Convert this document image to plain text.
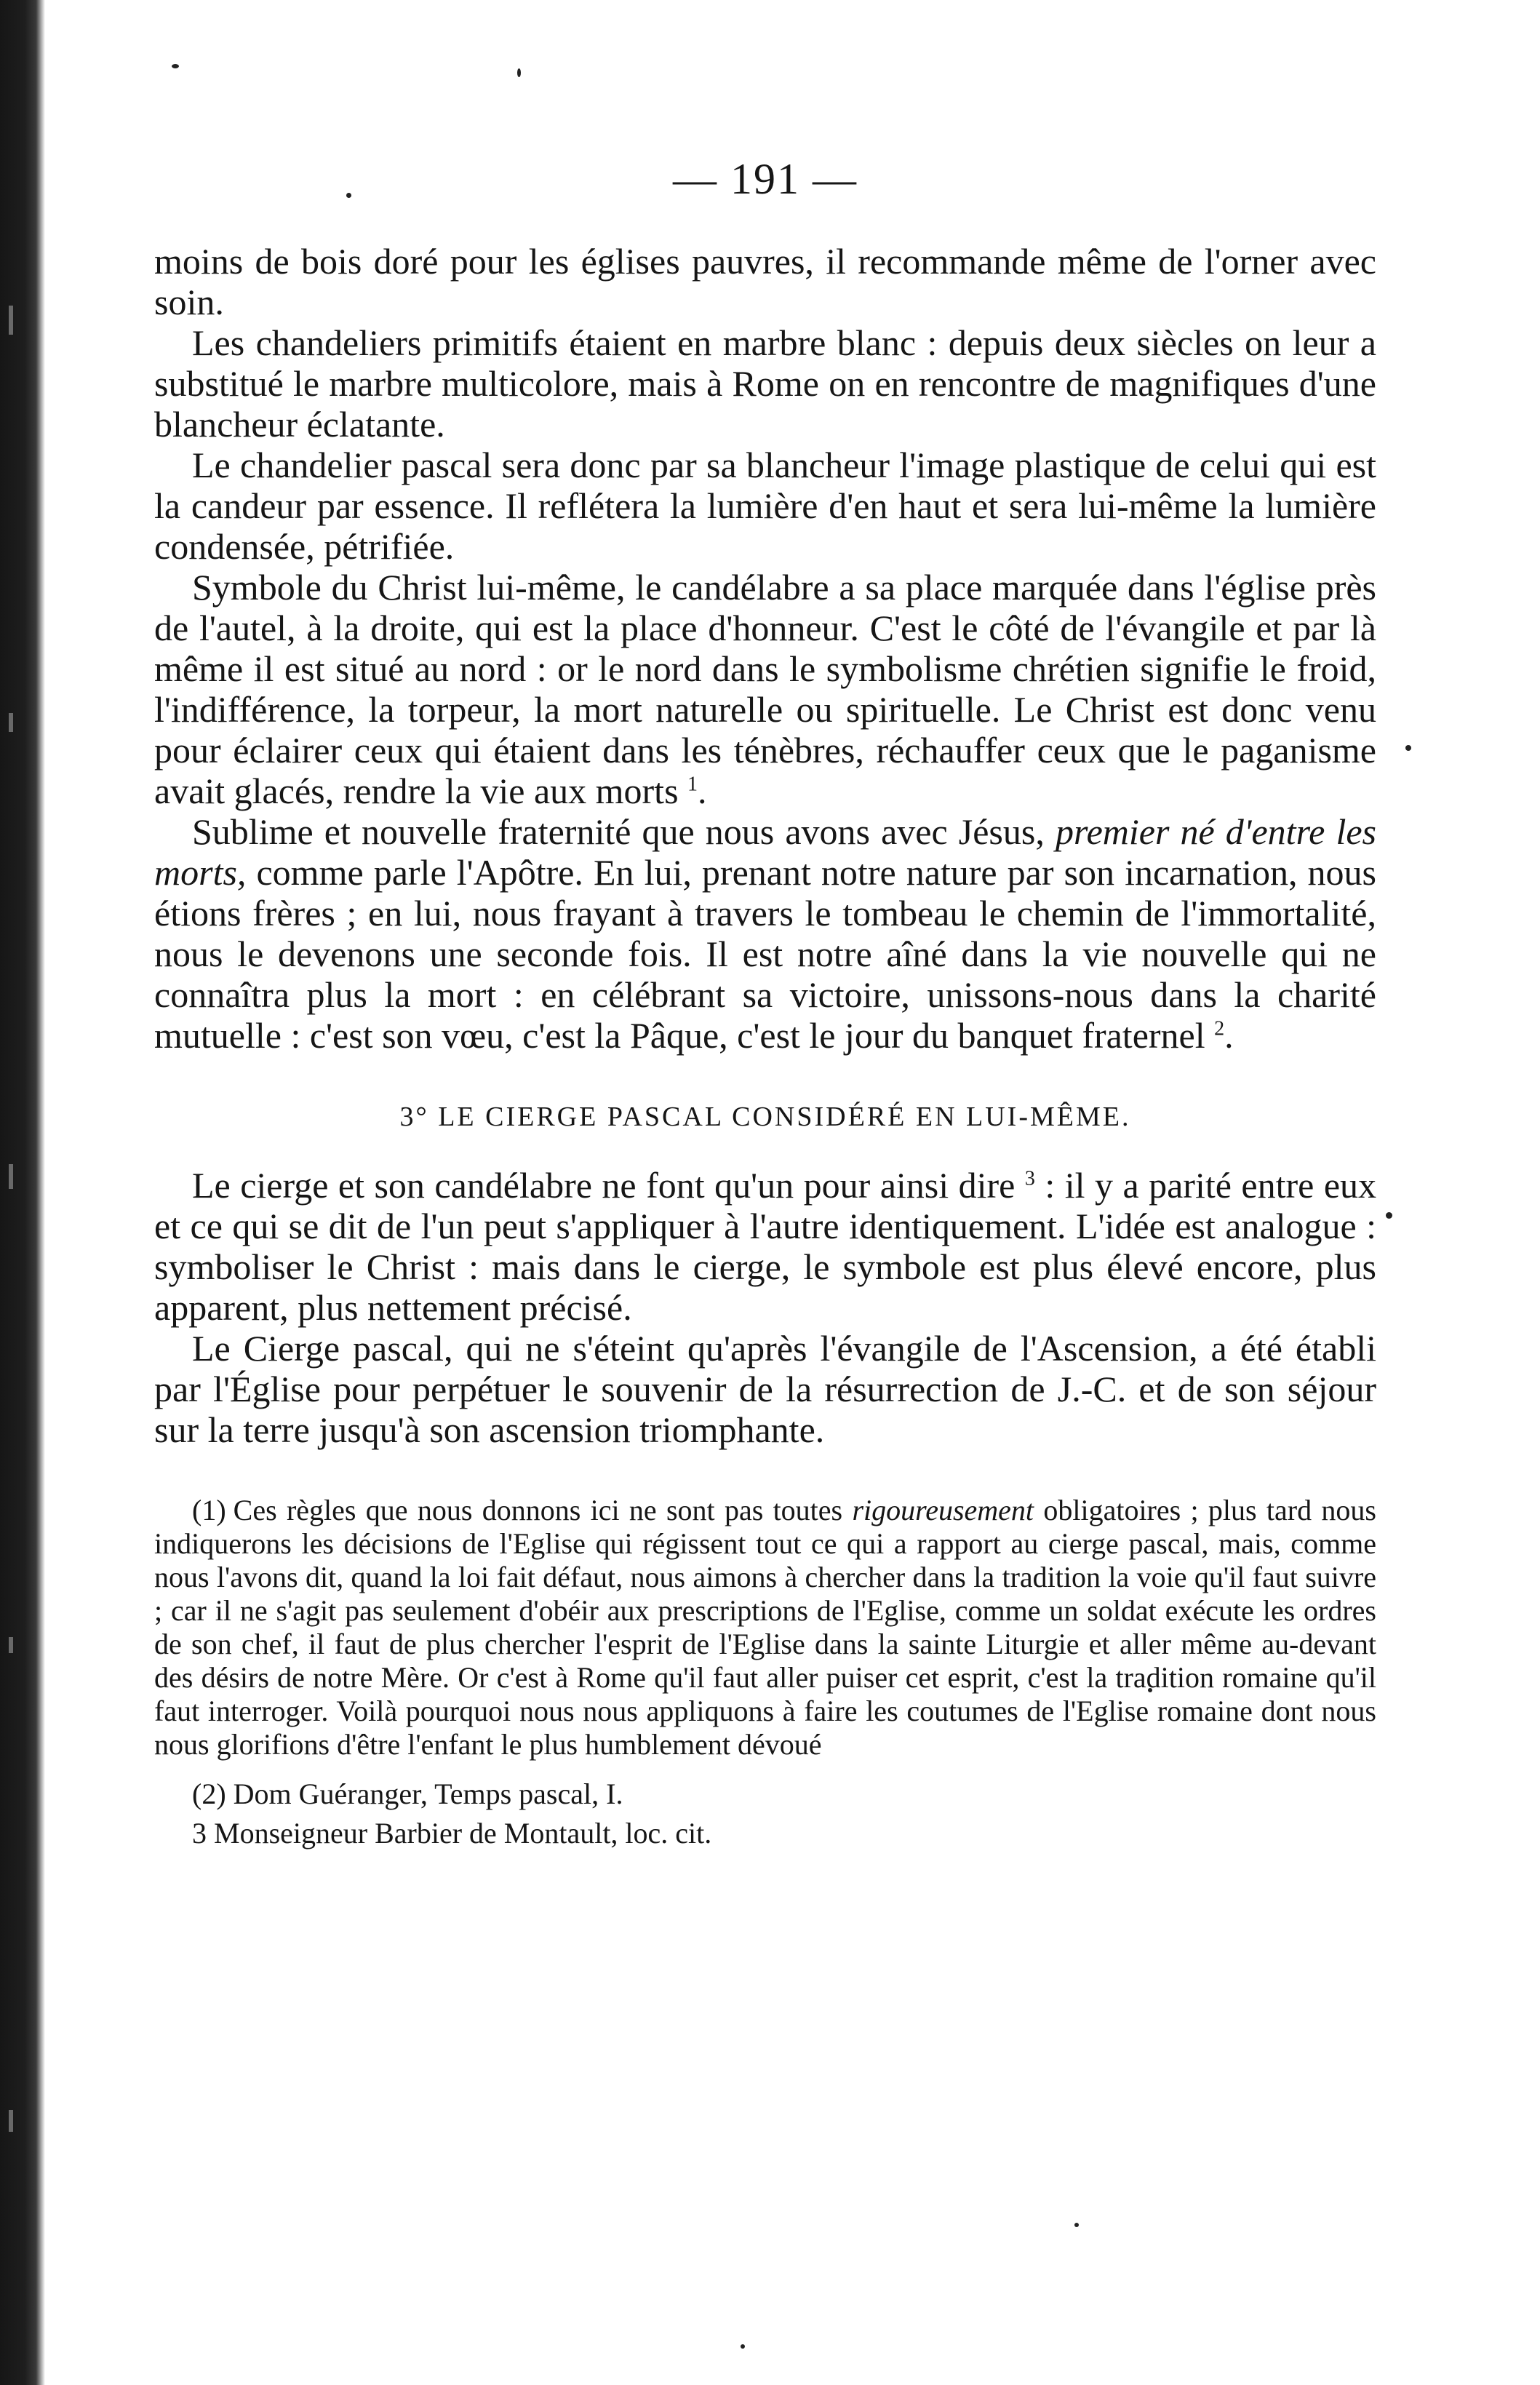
— 191 —

moins de bois doré pour les églises pauvres, il recommande même de l'orner avec soin.

Les chandeliers primitifs étaient en marbre blanc : depuis deux siècles on leur a substitué le marbre multicolore, mais à Rome on en rencontre de magnifiques d'une blancheur éclatante.

Le chandelier pascal sera donc par sa blancheur l'image plastique de celui qui est la candeur par essence. Il reflétera la lumière d'en haut et sera lui-même la lumière condensée, pétrifiée.

Symbole du Christ lui-même, le candélabre a sa place marquée dans l'église près de l'autel, à la droite, qui est la place d'honneur. C'est le côté de l'évangile et par là même il est situé au nord : or le nord dans le symbolisme chrétien signifie le froid, l'indifférence, la torpeur, la mort naturelle ou spirituelle. Le Christ est donc venu pour éclairer ceux qui étaient dans les ténèbres, réchauffer ceux que le paganisme avait glacés, rendre la vie aux morts $^1$.

Sublime et nouvelle fraternité que nous avons avec Jésus, premier né d'entre les morts, comme parle l'Apôtre. En lui, prenant notre nature par son incarnation, nous étions frères ; en lui, nous frayant à travers le tombeau le chemin de l'immortalité, nous le devenons une seconde fois. Il est notre aîné dans la vie nouvelle qui ne connaîtra plus la mort : en célébrant sa victoire, unissons-nous dans la charité mutuelle : c'est son vœu, c'est la Pâque, c'est le jour du banquet fraternel $^2$.

3° LE CIERGE PASCAL CONSIDÉRÉ EN LUI-MÊME.

Le cierge et son candélabre ne font qu'un pour ainsi dire $^3$ : il y a parité entre eux et ce qui se dit de l'un peut s'appliquer à l'autre identiquement. L'idée est analogue : symboliser le Christ : mais dans le cierge, le symbole est plus élevé encore, plus apparent, plus nettement précisé.

Le Cierge pascal, qui ne s'éteint qu'après l'évangile de l'Ascension, a été établi par l'Église pour perpétuer le souvenir de la résurrection de J.-C. et de son séjour sur la terre jusqu'à son ascension triomphante.

(1) Ces règles que nous donnons ici ne sont pas toutes rigoureusement obligatoires ; plus tard nous indiquerons les décisions de l'Eglise qui régissent tout ce qui a rapport au cierge pascal, mais, comme nous l'avons dit, quand la loi fait défaut, nous aimons à chercher dans la tradition la voie qu'il faut suivre ; car il ne s'agit pas seulement d'obéir aux prescriptions de l'Eglise, comme un soldat exécute les ordres de son chef, il faut de plus chercher l'esprit de l'Eglise dans la sainte Liturgie et aller même au-devant des désirs de notre Mère. Or c'est à Rome qu'il faut aller puiser cet esprit, c'est la tradition romaine qu'il faut interroger. Voilà pourquoi nous nous appliquons à faire les coutumes de l'Eglise romaine dont nous nous glorifions d'être l'enfant le plus humblement dévoué

(2) Dom Guéranger, Temps pascal, I.

3 Monseigneur Barbier de Montault, loc. cit.
